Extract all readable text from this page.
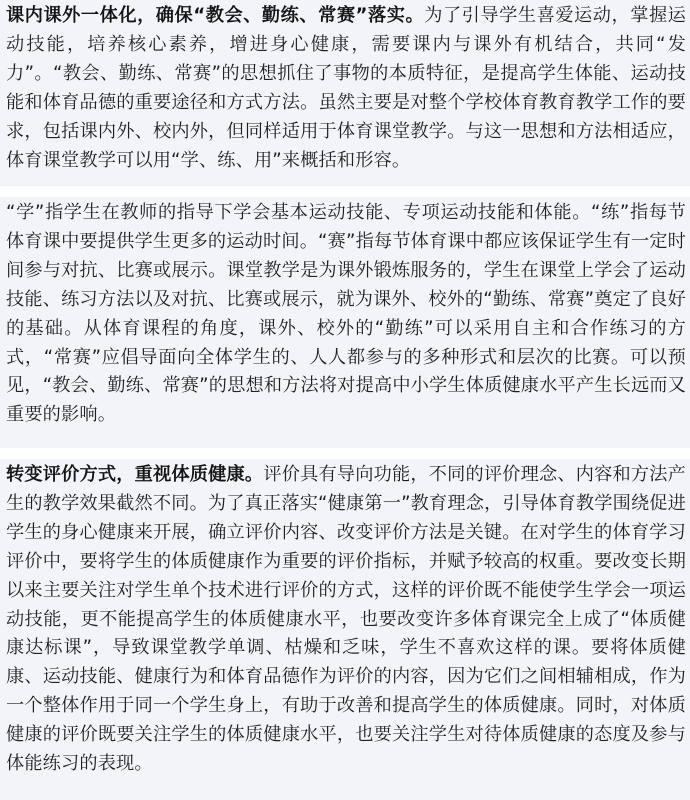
课内课外一体化，确保“教会、勤练、常赛”落实。为了引导学生喜爱运动，掌握运动技能，培养核心素养，增进身心健康，需要课内与课外有机结合，共同“发力”。“教会、勤练、常赛”的思想抓住了事物的本质特征，是提高学生体能、运动技能和体育品德的重要途径和方式方法。虽然主要是对整个学校体育教育教学工作的要求，包括课内外、校内外，但同样适用于体育课堂教学。与这一思想和方法相适应，体育课堂教学可以用“学、练、用”来概括和形容。
“学”指学生在教师的指导下学会基本运动技能、专项运动技能和体能。“练”指每节体育课中要提供学生更多的运动时间。“赛”指每节体育课中都应该保证学生有一定时间参与对抗、比赛或展示。课堂教学是为课外锻炼服务的，学生在课堂上学会了运动技能、练习方法以及对抗、比赛或展示，就为课外、校外的“勤练、常赛”奠定了良好的基础。从体育课程的角度，课外、校外的“勤练”可以采用自主和合作练习的方式，“常赛”应倡导面向全体学生的、人人都参与的多种形式和层次的比赛。可以预见，“教会、勤练、常赛”的思想和方法将对提高中小学生体质健康水平产生长远而又重要的影响。
转变评价方式，重视体质健康。评价具有导向功能，不同的评价理念、内容和方法产生的教学效果截然不同。为了真正落实“健康第一”教育理念，引导体育教学围绕促进学生的身心健康来开展，确立评价内容、改变评价方法是关键。在对学生的体育学习评价中，要将学生的体质健康作为重要的评价指标，并赋予较高的权重。要改变长期以来主要关注对学生单个技术进行评价的方式，这样的评价既不能使学生学会一项运动技能，更不能提高学生的体质健康水平，也要改变许多体育课完全上成了“体质健康达标课”，导致课堂教学单调、枯燥和乏味，学生不喜欢这样的课。要将体质健康、运动技能、健康行为和体育品德作为评价的内容，因为它们之间相辅相成，作为一个整体作用于同一个学生身上，有助于改善和提高学生的体质健康。同时，对体质健康的评价既要关注学生的体质健康水平，也要关注学生对待体质健康的态度及参与体能练习的表现。
